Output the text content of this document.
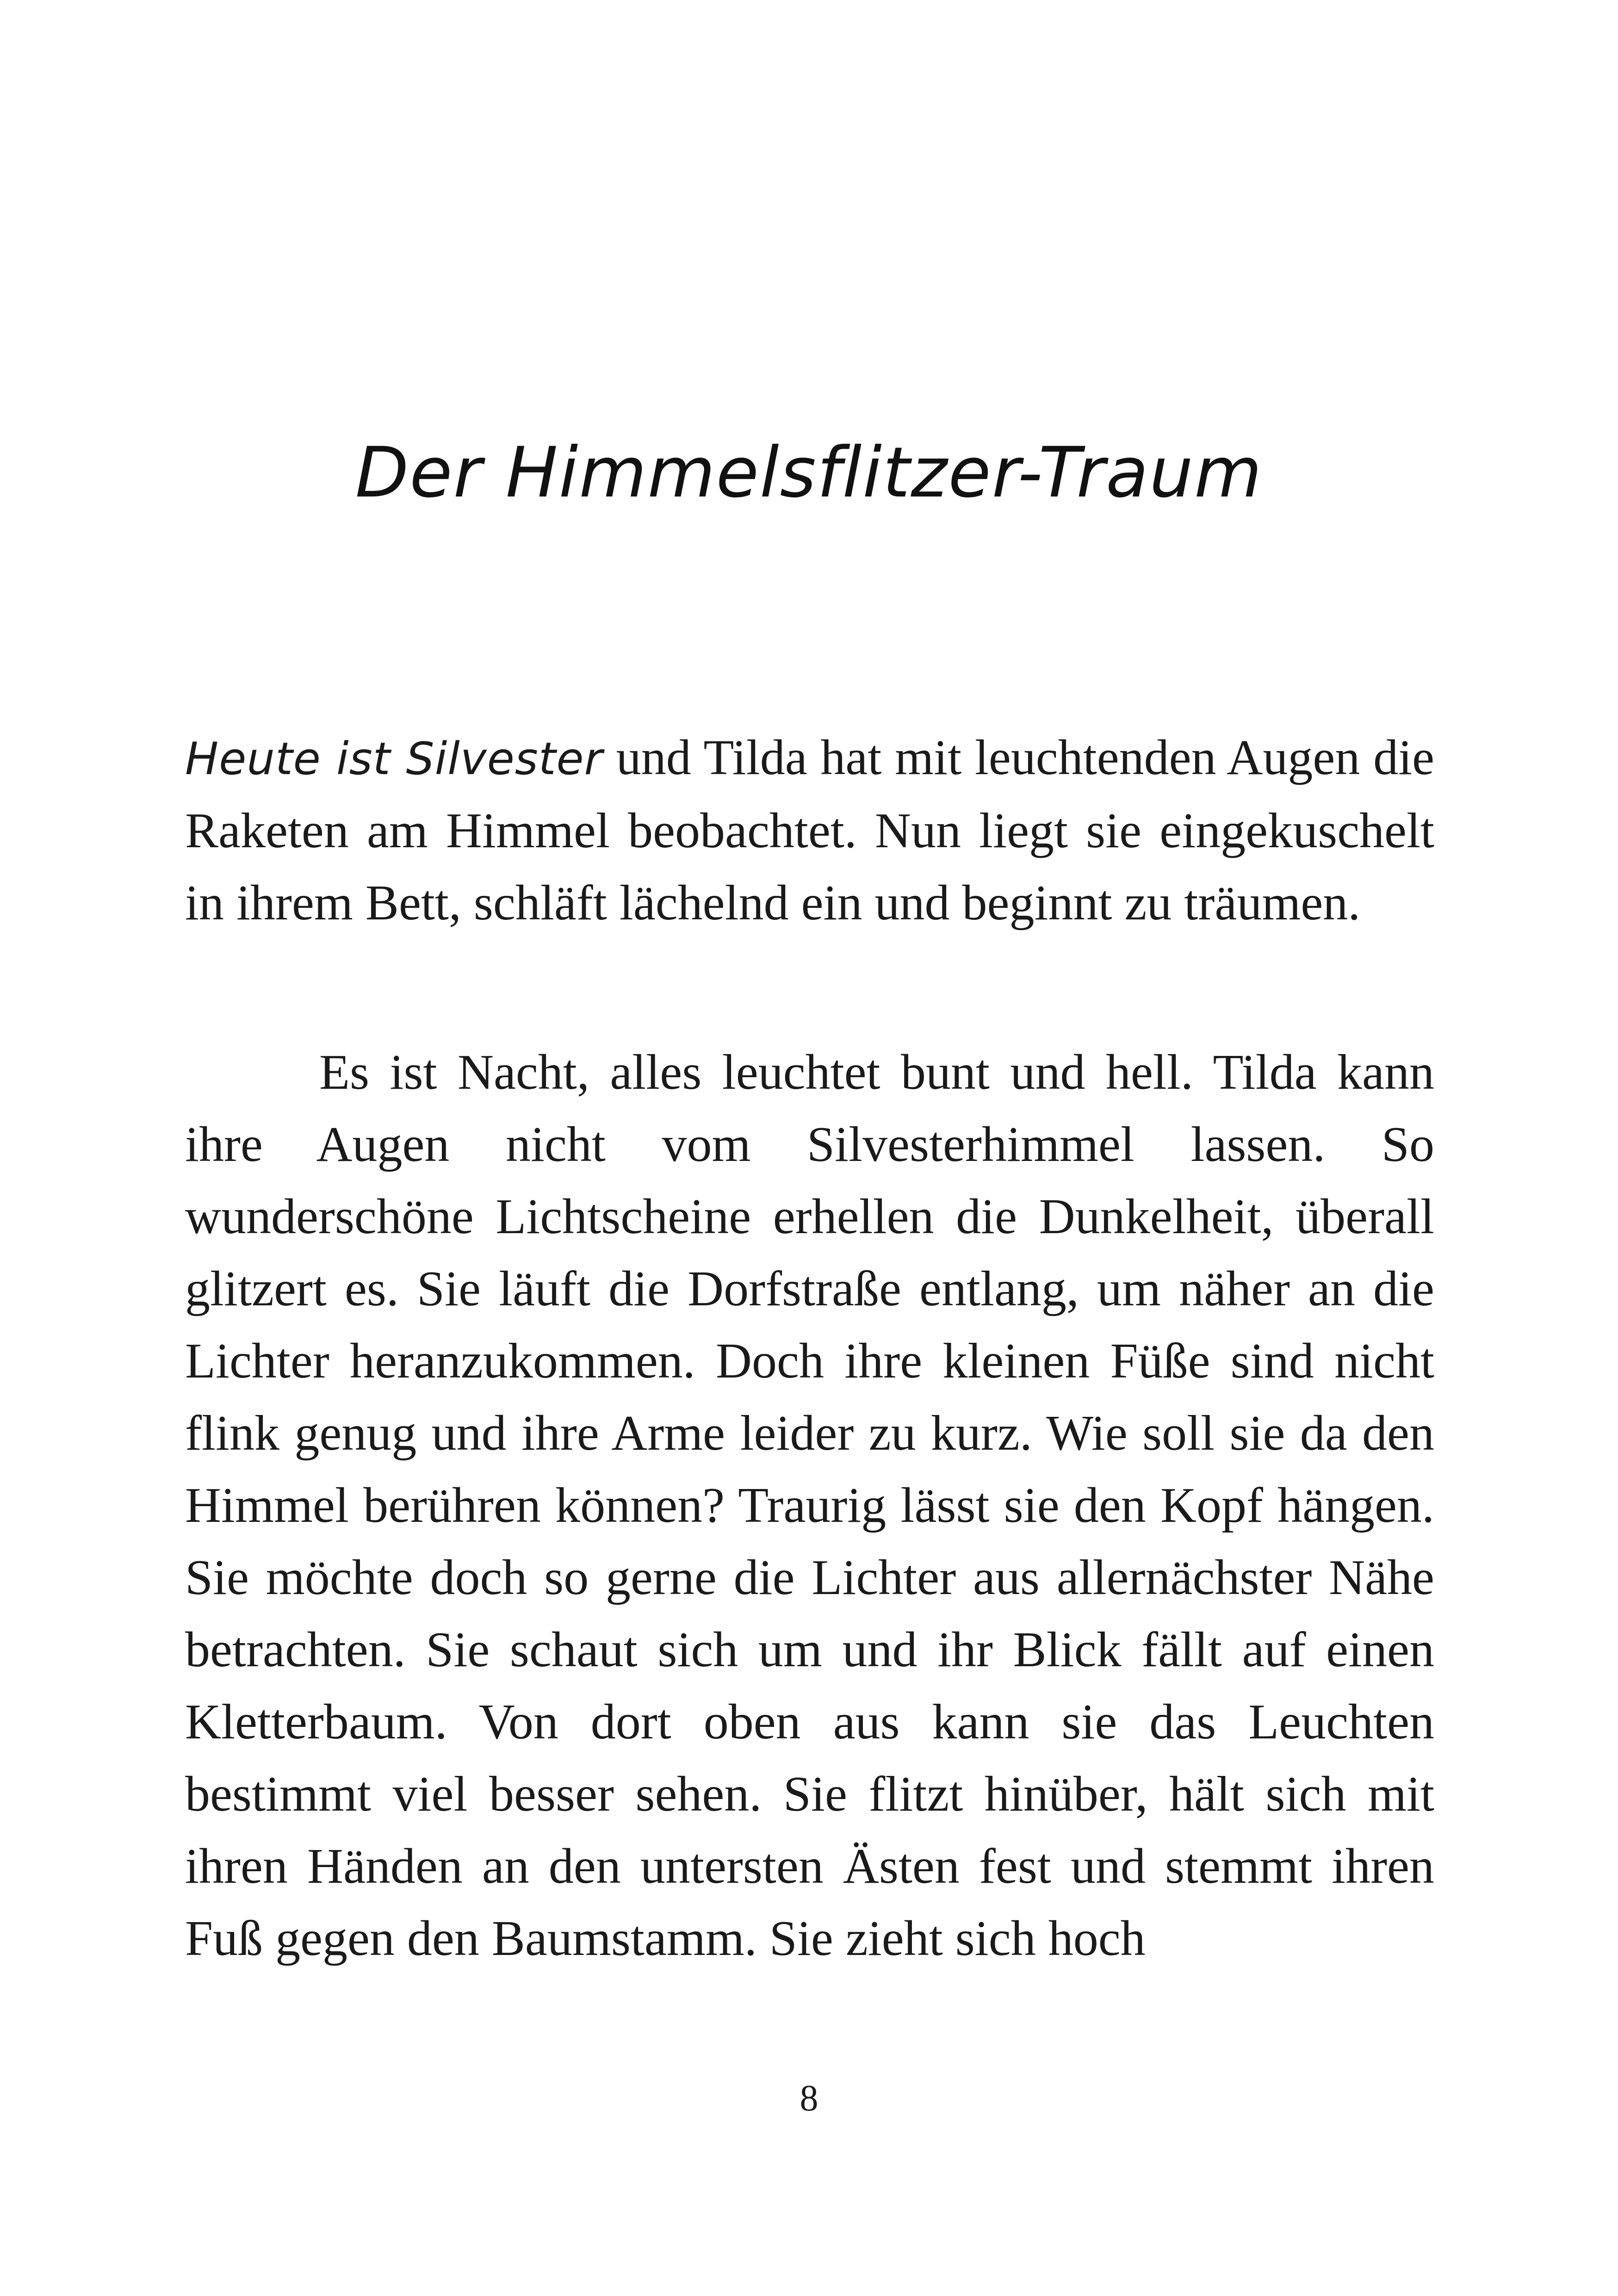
Der Himmelsflitzer-Traum

Heute ist Silvester und Tilda hat mit leuchtenden Augen die Raketen am Himmel beobachtet. Nun liegt sie eingekuschelt in ihrem Bett, schläft lächelnd ein und beginnt zu träumen.

Es ist Nacht, alles leuchtet bunt und hell. Tilda kann ihre Augen nicht vom Silvesterhimmel lassen. So wunderschöne Lichtscheine erhellen die Dunkelheit, überall glitzert es. Sie läuft die Dorfstraße entlang, um näher an die Lichter heranzukommen. Doch ihre kleinen Füße sind nicht flink genug und ihre Arme leider zu kurz. Wie soll sie da den Himmel berühren können? Traurig lässt sie den Kopf hängen. Sie möchte doch so gerne die Lichter aus allernächster Nähe betrachten. Sie schaut sich um und ihr Blick fällt auf einen Kletterbaum. Von dort oben aus kann sie das Leuchten bestimmt viel besser sehen. Sie flitzt hinüber, hält sich mit ihren Händen an den untersten Ästen fest und stemmt ihren Fuß gegen den Baumstamm. Sie zieht sich hoch

8
